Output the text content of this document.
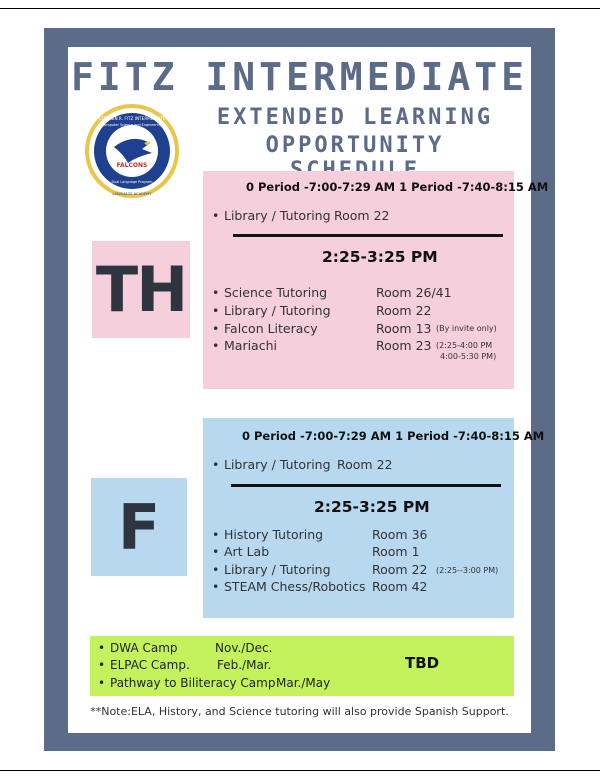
FITZ INTERMEDIATE
EXTENDED LEARNING
OPPORTUNITY
FALCONS
STEPHEN R. FITZ INTERMEDIATE
Computer Science and Engineering
Dual Language Program
LANGUAGE ACADEMY
TH
0 Period -7:00-7:29 AM 1 Period -7:40-8:15 AM
• Library / Tutoring Room 22
2:25-3:25 PM
• Science Tutoring	Room 26/41
• Library / Tutoring	Room 22
• Falcon Literacy	Room 13 (By invite only)
• Mariachi	Room 23 (2:25-4:00 PM
4:00-5:30 PM)
F
0 Period -7:00-7:29 AM 1 Period -7:40-8:15 AM
• Library / Tutoring Room 22
2:25-3:25 PM
• History Tutoring	Room 36
• Art Lab	Room 1
• Library / Tutoring	Room 22 (2:25--3:00 PM)
• STEAM Chess/Robotics Room 42
• DWA Camp	Nov./Dec.
• ELPAC Camp. Feb./Mar.
• Pathway to Biliteracy Camp Mar./May
TBD
**Note:ELA, History, and Science tutoring will also provide Spanish Support.
